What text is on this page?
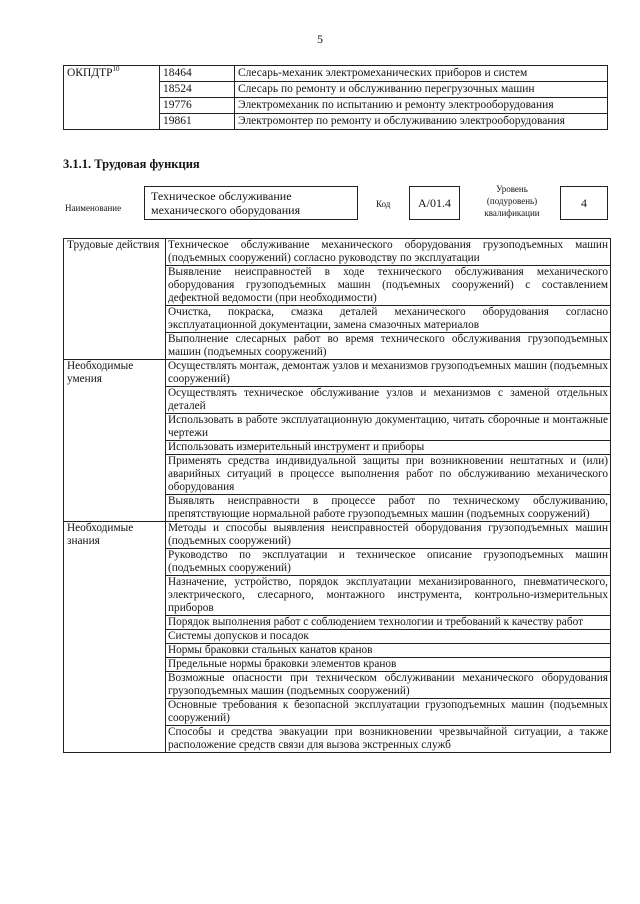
5
ОКПДТР$^{10}$	18464	Слесарь-механик электромеханических приборов и систем
	18524	Слесарь по ремонту и обслуживанию перегрузочных машин
	19776	Электромеханик по испытанию и ремонту электрооборудования
	19861	Электромонтер по ремонту и обслуживанию электрооборудования
3.1.1. Трудовая функция
Наименование
Техническое обслуживание механического оборудования	Код	A/01.4
Уровень (подуровень) квалификации
4
Трудовые действия	Техническое обслуживание механического оборудования грузоподъемных машин (подъемных сооружений) согласно руководству по эксплуатации
	Выявление неисправностей в ходе технического обслуживания механического оборудования грузоподъемных машин (подъемных сооружений) с составлением дефектной ведомости (при необходимости)
	Очистка, покраска, смазка деталей механического оборудования согласно эксплуатационной документации, замена смазочных материалов
	Выполнение слесарных работ во время технического обслуживания грузоподъемных машин (подъемных сооружений)
Необходимые умения	Осуществлять монтаж, демонтаж узлов и механизмов грузоподъемных машин (подъемных сооружений)
	Осуществлять техническое обслуживание узлов и механизмов с заменой отдельных деталей
	Использовать в работе эксплуатационную документацию, читать сборочные и монтажные чертежи
	Использовать измерительный инструмент и приборы
	Применять средства индивидуальной защиты при возникновении нештатных и (или) аварийных ситуаций в процессе выполнения работ по обслуживанию механического оборудования
	Выявлять неисправности в процессе работ по техническому обслуживанию, препятствующие нормальной работе грузоподъемных машин (подъемных сооружений)
Необходимые знания	Методы и способы выявления неисправностей оборудования грузоподъемных машин (подъемных сооружений)
	Руководство по эксплуатации и техническое описание грузоподъемных машин (подъемных сооружений)
	Назначение, устройство, порядок эксплуатации механизированного, пневматического, электрического, слесарного, монтажного инструмента, контрольно-измерительных приборов
	Порядок выполнения работ с соблюдением технологии и требований к качеству работ
	Системы допусков и посадок
	Нормы браковки стальных канатов кранов
	Предельные нормы браковки элементов кранов
	Возможные опасности при техническом обслуживании механического оборудования грузоподъемных машин (подъемных сооружений)
	Основные требования к безопасной эксплуатации грузоподъемных машин (подъемных сооружений)
	Способы и средства эвакуации при возникновении чрезвычайной ситуации, а также расположение средств связи для вызова экстренных служб
